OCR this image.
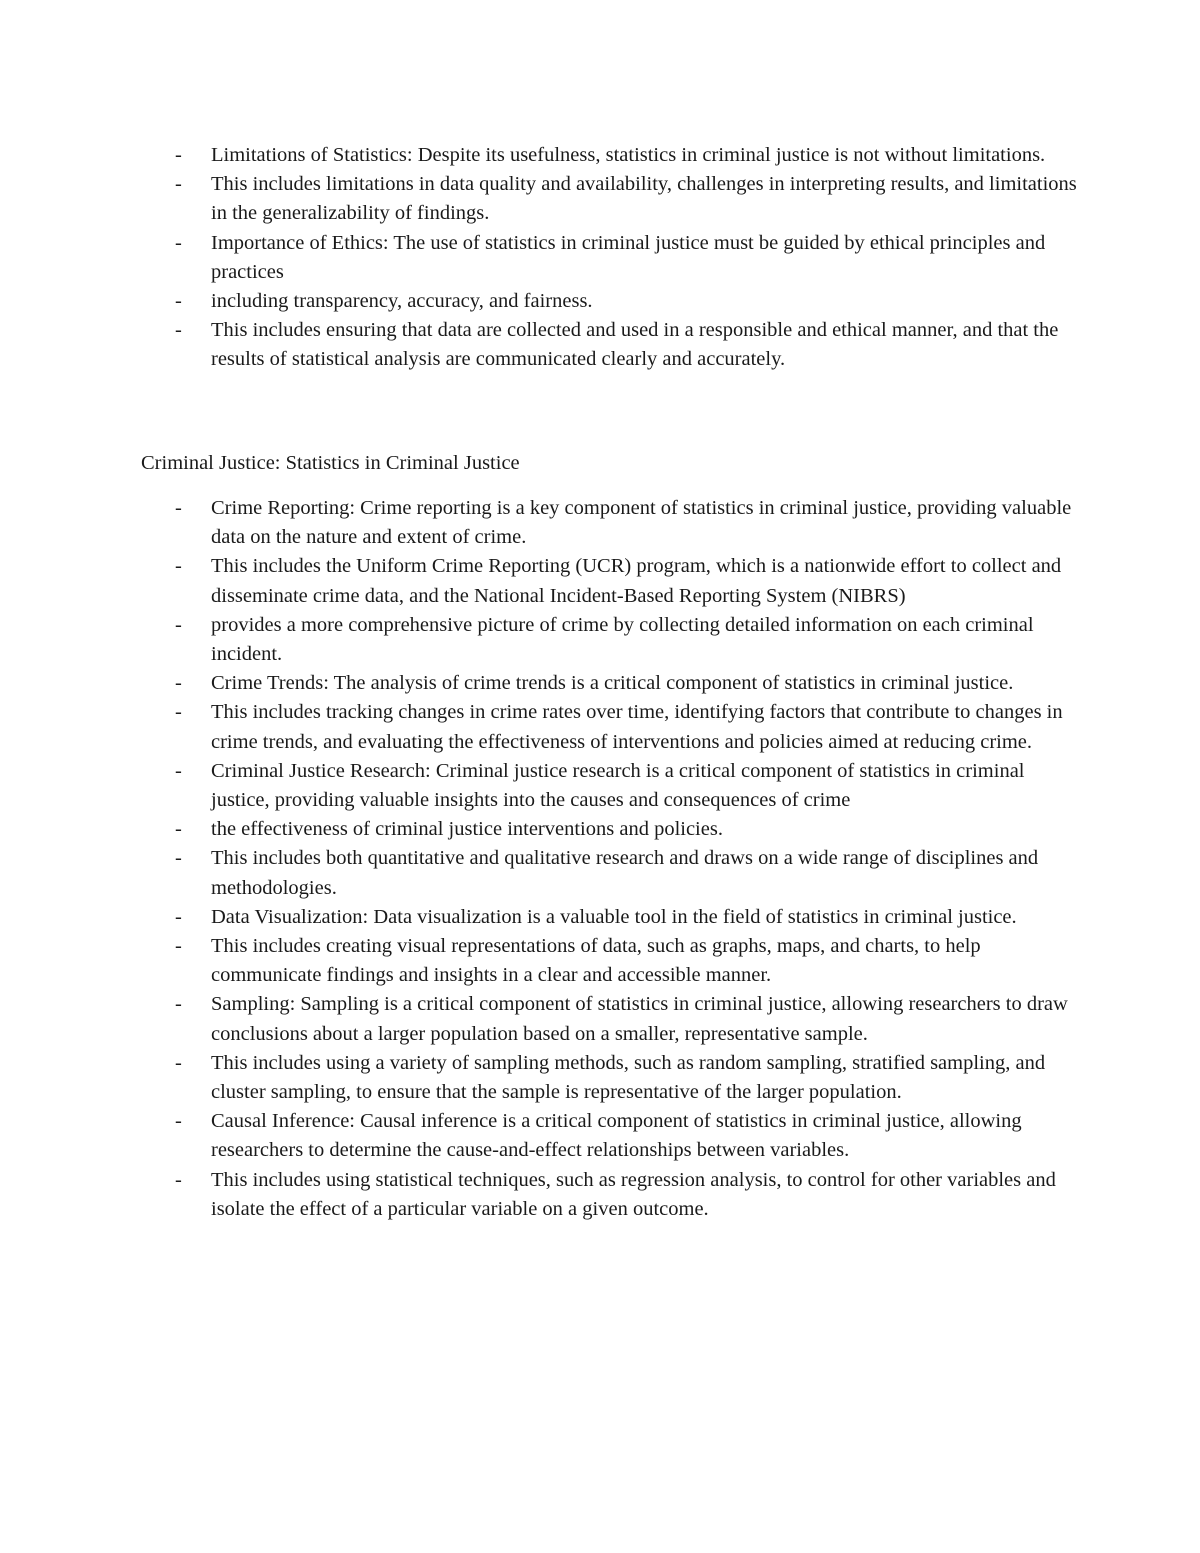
- Limitations of Statistics: Despite its usefulness, statistics in criminal justice is not without limitations.
- This includes limitations in data quality and availability, challenges in interpreting results, and limitations in the generalizability of findings.
- Importance of Ethics: The use of statistics in criminal justice must be guided by ethical principles and practices
- including transparency, accuracy, and fairness.
- This includes ensuring that data are collected and used in a responsible and ethical manner, and that the results of statistical analysis are communicated clearly and accurately.
Criminal Justice: Statistics in Criminal Justice
- Crime Reporting: Crime reporting is a key component of statistics in criminal justice, providing valuable data on the nature and extent of crime.
- This includes the Uniform Crime Reporting (UCR) program, which is a nationwide effort to collect and disseminate crime data, and the National Incident-Based Reporting System (NIBRS)
- provides a more comprehensive picture of crime by collecting detailed information on each criminal incident.
- Crime Trends: The analysis of crime trends is a critical component of statistics in criminal justice.
- This includes tracking changes in crime rates over time, identifying factors that contribute to changes in crime trends, and evaluating the effectiveness of interventions and policies aimed at reducing crime.
- Criminal Justice Research: Criminal justice research is a critical component of statistics in criminal justice, providing valuable insights into the causes and consequences of crime
- the effectiveness of criminal justice interventions and policies.
- This includes both quantitative and qualitative research and draws on a wide range of disciplines and methodologies.
- Data Visualization: Data visualization is a valuable tool in the field of statistics in criminal justice.
- This includes creating visual representations of data, such as graphs, maps, and charts, to help communicate findings and insights in a clear and accessible manner.
- Sampling: Sampling is a critical component of statistics in criminal justice, allowing researchers to draw conclusions about a larger population based on a smaller, representative sample.
- This includes using a variety of sampling methods, such as random sampling, stratified sampling, and cluster sampling, to ensure that the sample is representative of the larger population.
- Causal Inference: Causal inference is a critical component of statistics in criminal justice, allowing researchers to determine the cause-and-effect relationships between variables.
- This includes using statistical techniques, such as regression analysis, to control for other variables and isolate the effect of a particular variable on a given outcome.
